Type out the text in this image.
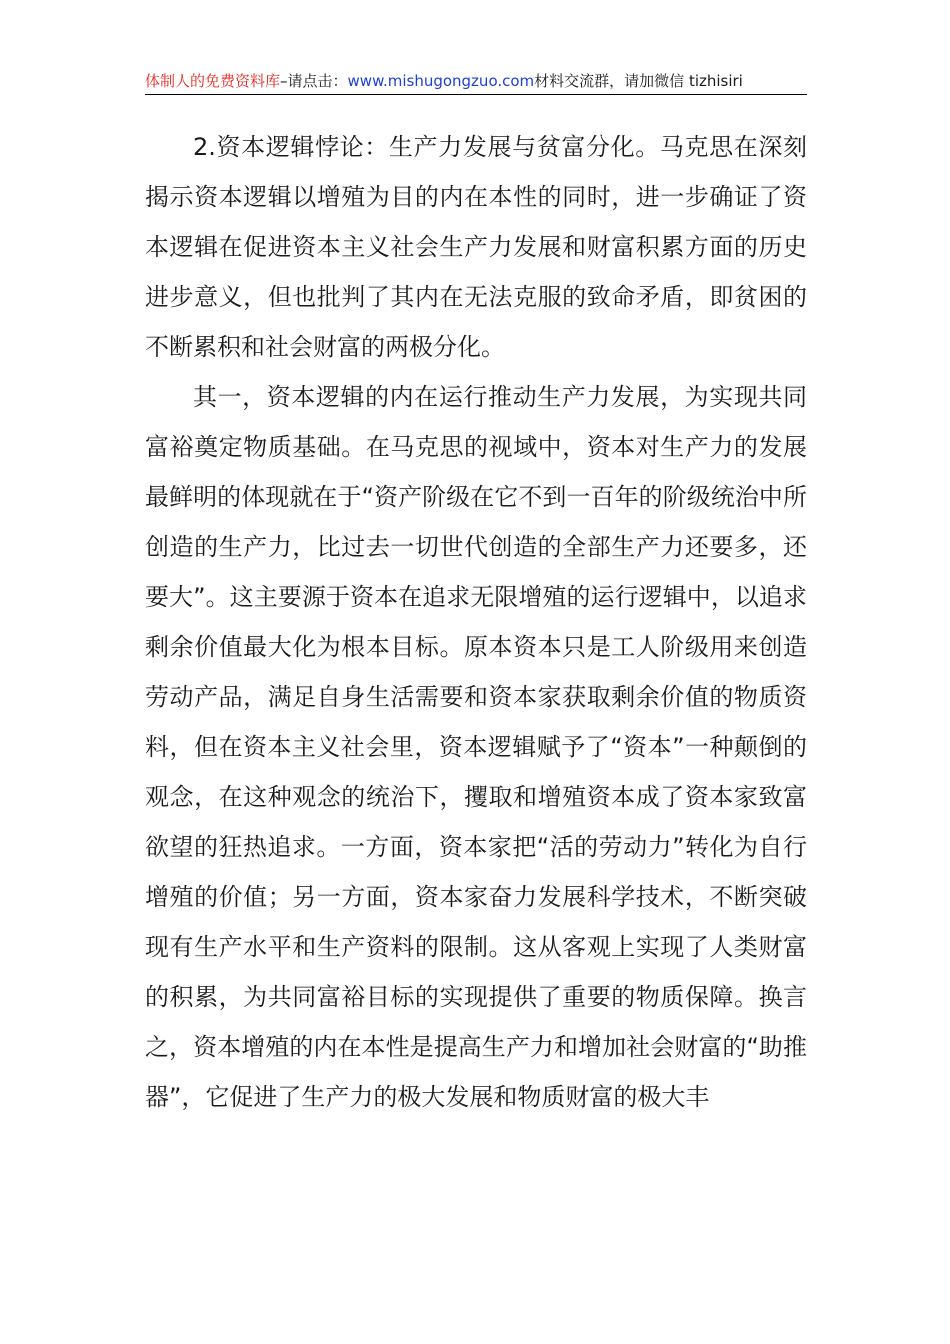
体制人的免费资料库–请点击：www.mishugongzuo.com材料交流群，请加微信 tizhisiri

2.资本逻辑悖论：生产力发展与贫富分化。马克思在深刻揭示资本逻辑以增殖为目的内在本性的同时，进一步确证了资本逻辑在促进资本主义社会生产力发展和财富积累方面的历史进步意义，但也批判了其内在无法克服的致命矛盾，即贫困的不断累积和社会财富的两极分化。

其一，资本逻辑的内在运行推动生产力发展，为实现共同富裕奠定物质基础。在马克思的视域中，资本对生产力的发展最鲜明的体现就在于“资产阶级在它不到一百年的阶级统治中所创造的生产力，比过去一切世代创造的全部生产力还要多，还要大”。这主要源于资本在追求无限增殖的运行逻辑中，以追求剩余价值最大化为根本目标。原本资本只是工人阶级用来创造劳动产品，满足自身生活需要和资本家获取剩余价值的物质资料，但在资本主义社会里，资本逻辑赋予了“资本”一种颠倒的观念，在这种观念的统治下，攫取和增殖资本成了资本家致富欲望的狂热追求。一方面，资本家把“活的劳动力”转化为自行增殖的价值；另一方面，资本家奋力发展科学技术，不断突破现有生产水平和生产资料的限制。这从客观上实现了人类财富的积累，为共同富裕目标的实现提供了重要的物质保障。换言之，资本增殖的内在本性是提高生产力和增加社会财富的“助推器”，它促进了生产力的极大发展和物质财富的极大丰
